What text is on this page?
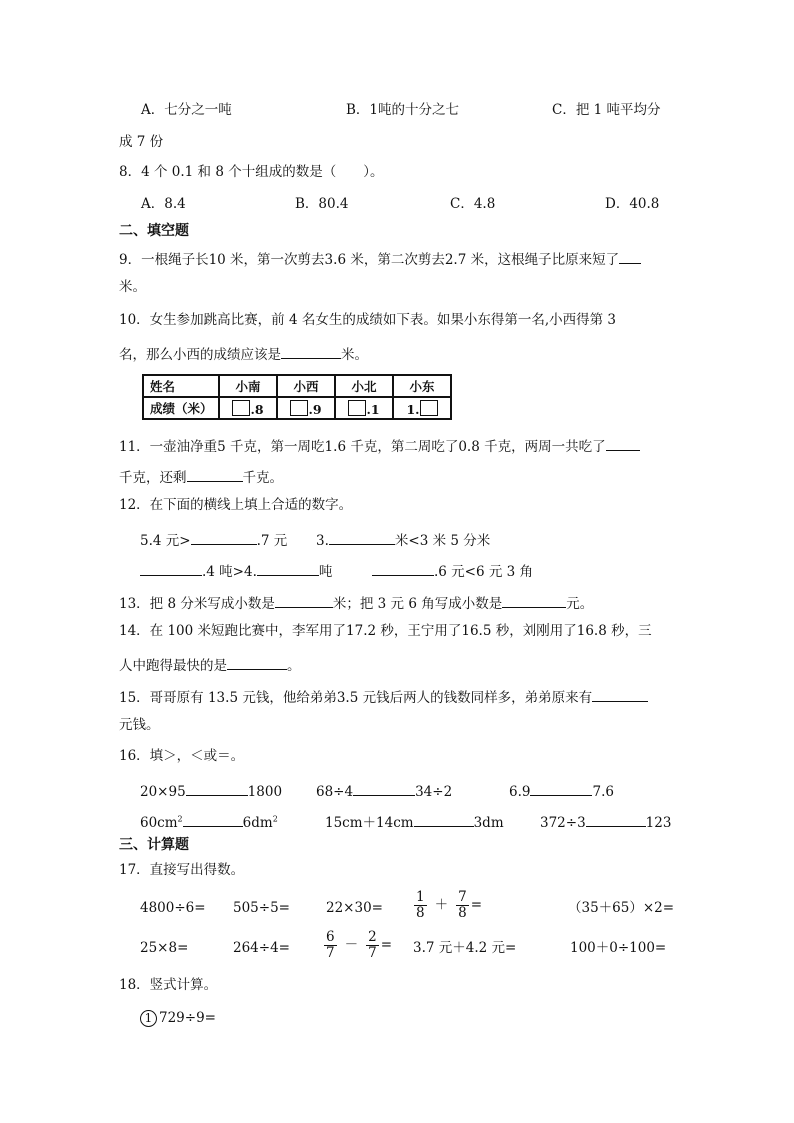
A．七分之一吨	B．1吨的十分之七	C．把 1 吨平均分
成 7 份
8．4 个 0.1 和 8 个十组成的数是（　　）。
A．8.4	B．80.4	C．4.8	D．40.8
二、填空题
9．一根绳子长10 米，第一次剪去3.6 米，第二次剪去2.7 米，这根绳子比原来短了
米。
10．女生参加跳高比赛，前 4 名女生的成绩如下表。如果小东得第一名,小西得第 3
名，那么小西的成绩应该是	米。
姓名	小南	小西	小北	小东
成绩（米）	.8	.9	.1	1.
11．一壶油净重5 千克，第一周吃1.6 千克，第二周吃了0.8 千克，两周一共吃了
千克，还剩	千克。
12．在下面的横线上填上合适的数字。
5.4 元>	.7 元 3.	米<3 米 5 分米
.4 吨>4.	吨	.6 元<6 元 3 角
13．把 8 分米写成小数是	米；把 3 元 6 角写成小数是	元。
14．在 100 米短跑比赛中，李军用了17.2 秒，王宁用了16.5 秒，刘刚用了16.8 秒，三
人中跑得最快的是	。
15．哥哥原有 13.5 元钱，他给弟弟3.5 元钱后两人的钱数同样多，弟弟原来有
元钱。
16．填＞，＜或＝。
20×95	1800	68÷4	34÷2	6.9	7.6
$60cm^2$	$6dm^2$	15cm＋14cm	3dm	372÷3	123
三、计算题
17．直接写出得数。
4800÷6= 505÷5=	$22\times 30= \frac{1}{8} + \frac{7}{8}$ =	（35＋65）×2=
25×8=	264÷4=	$\frac{6}{7} - \frac{2}{7} = 3.7$ 元＋4.2 元=	100＋0÷100=
18．竖式计算。
1 729÷9=
